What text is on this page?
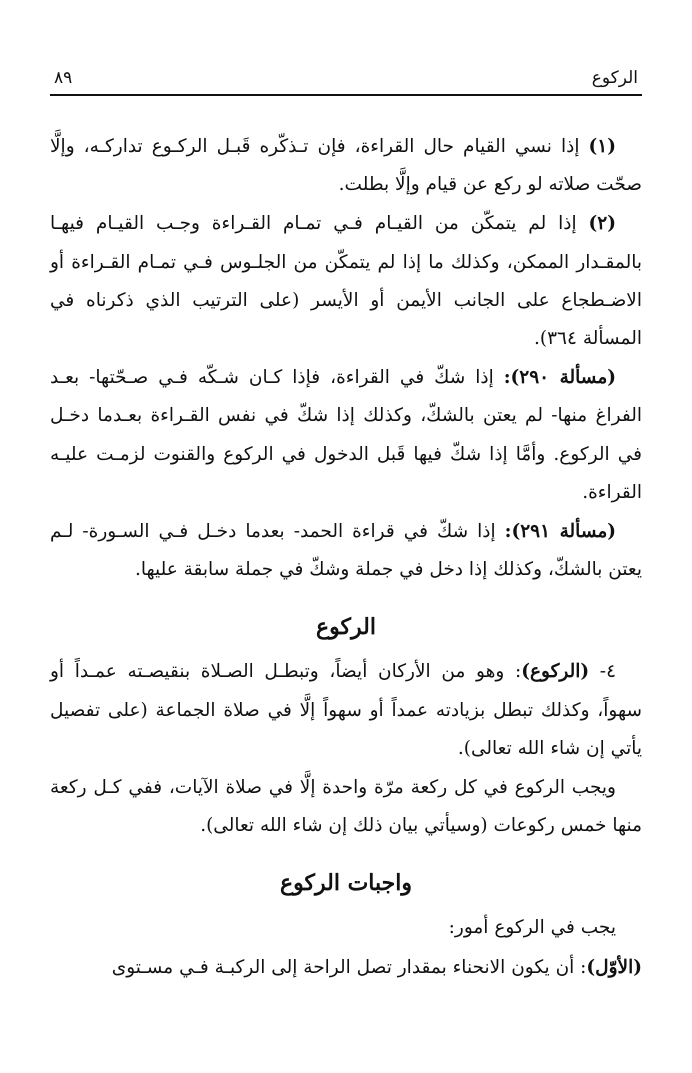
الركوع
٨٩

(١) إذا نسي القيام حال القراءة، فإن تـذكّره قَبـل الركـوع تداركـه، وإلَّا صحّت صلاته لو ركع عن قيام وإلَّا بطلت.

(٢) إذا لم يتمكّن من القيـام فـي تمـام القـراءة وجـب القيـام فيهـا بالمقـدار الممكن، وكذلك ما إذا لم يتمكّن من الجلـوس فـي تمـام القـراءة أو الاضـطجاع على الجانب الأيمن أو الأيسر (على الترتيب الذي ذكرناه في المسألة ٣٦٤).

(مسألة ٢٩٠): إذا شكّ في القراءة، فإذا كـان شـكّه فـي صـحّتها- بعـد الفراغ منها- لم يعتن بالشكّ، وكذلك إذا شكّ في نفس القـراءة بعـدما دخـل في الركوع. وأمَّا إذا شكّ فيها قَبل الدخول في الركوع والقنوت لزمـت عليـه القراءة.

(مسألة ٢٩١): إذا شكّ في قراءة الحمد- بعدما دخـل فـي السـورة- لـم يعتن بالشكّ، وكذلك إذا دخل في جملة وشكّ في جملة سابقة عليها.

الركوع

٤- (الركوع): وهو من الأركان أيضاً، وتبطـل الصـلاة بنقيصـته عمـداً أو سهواً، وكذلك تبطل بزيادته عمداً أو سهواً إلَّا في صلاة الجماعة (على تفصيل يأتي إن شاء الله تعالى).

ويجب الركوع في كل ركعة مرّة واحدة إلَّا في صلاة الآيات، ففي كـل ركعة منها خمس ركوعات (وسيأتي بيان ذلك إن شاء الله تعالى).

واجبات الركوع

يجب في الركوع أمور:

(الأوّل): أن يكون الانحناء بمقدار تصل الراحة إلى الركبـة فـي مسـتوى
